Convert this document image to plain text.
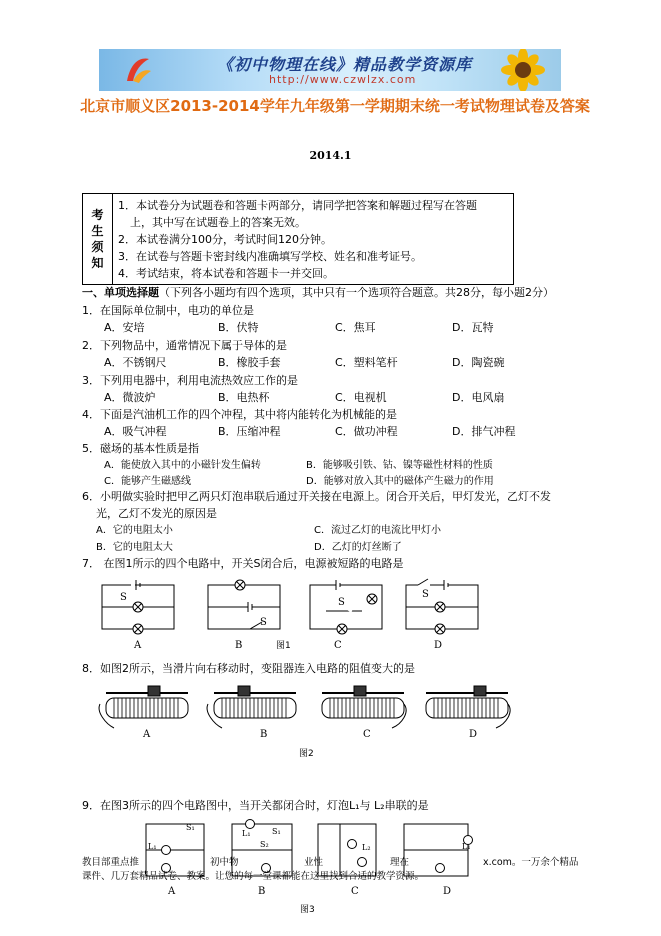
《初中物理在线》精品教学资源库
http://www.czwlzx.com
北京市顺义区2013-2014学年九年级第一学期期末统一考试物理试卷及答案
2014.1
考
生
须
知
1．本试卷分为试题卷和答题卡两部分，请同学把答案和解题过程写在答题
上，其中写在试题卷上的答案无效。
2．本试卷满分100分，考试时间120分钟。
3．在试卷与答题卡密封线内准确填写学校、姓名和准考证号。
4．考试结束，将本试卷和答题卡一并交回。
一、单项选择题（下列各小题均有四个选项，其中只有一个选项符合题意。共28分，每小题2分）
1．在国际单位制中，电功的单位是
A．安培	B．伏特	C．焦耳	D．瓦特
2．下列物品中，通常情况下属于导体的是
A．不锈钢尺	B．橡胶手套	C．塑料笔杆	D．陶瓷碗
3．下列用电器中，利用电流热效应工作的是
A．微波炉	B．电热杯	C．电视机	D．电风扇
4．下面是汽油机工作的四个冲程，其中将内能转化为机械能的是
A．吸气冲程	B．压缩冲程	C．做功冲程	D．排气冲程
5．磁场的基本性质是指
A．能使放入其中的小磁针发生偏转	B．能够吸引铁、钴、镍等磁性材料的性质
C．能够产生磁感线	D．能够对放入其中的磁体产生磁力的作用
6．小明做实验时把甲乙两只灯泡串联后通过开关接在电源上。闭合开关后，甲灯发光，乙灯不发
光，乙灯不发光的原因是
A．它的电阻太小	C．流过乙灯的电流比甲灯小
B．它的电阻太大	D．乙灯的灯丝断了
7． 在图1所示的四个电路中，开关S闭合后，电源被短路的电路是
S
S
S
S
A	B	图1	C	D
8．如图2所示，当滑片向右移动时，变阻器连入电路的阻值变大的是
A	B	C	D
图2
9．在图3所示的四个电路图中，当开关都闭合时，灯泡L₁与 L₂串联的是
L₁
S₁
L₁	S₁
S₂	L₂	L₁
教目部重点推	初中物	业性	理在	x.com。一万余个精品
课件、几万套精品试卷、教案。让您的每一堂课都能在这里找到合适的教学资源。
A	B	C	D
图3
